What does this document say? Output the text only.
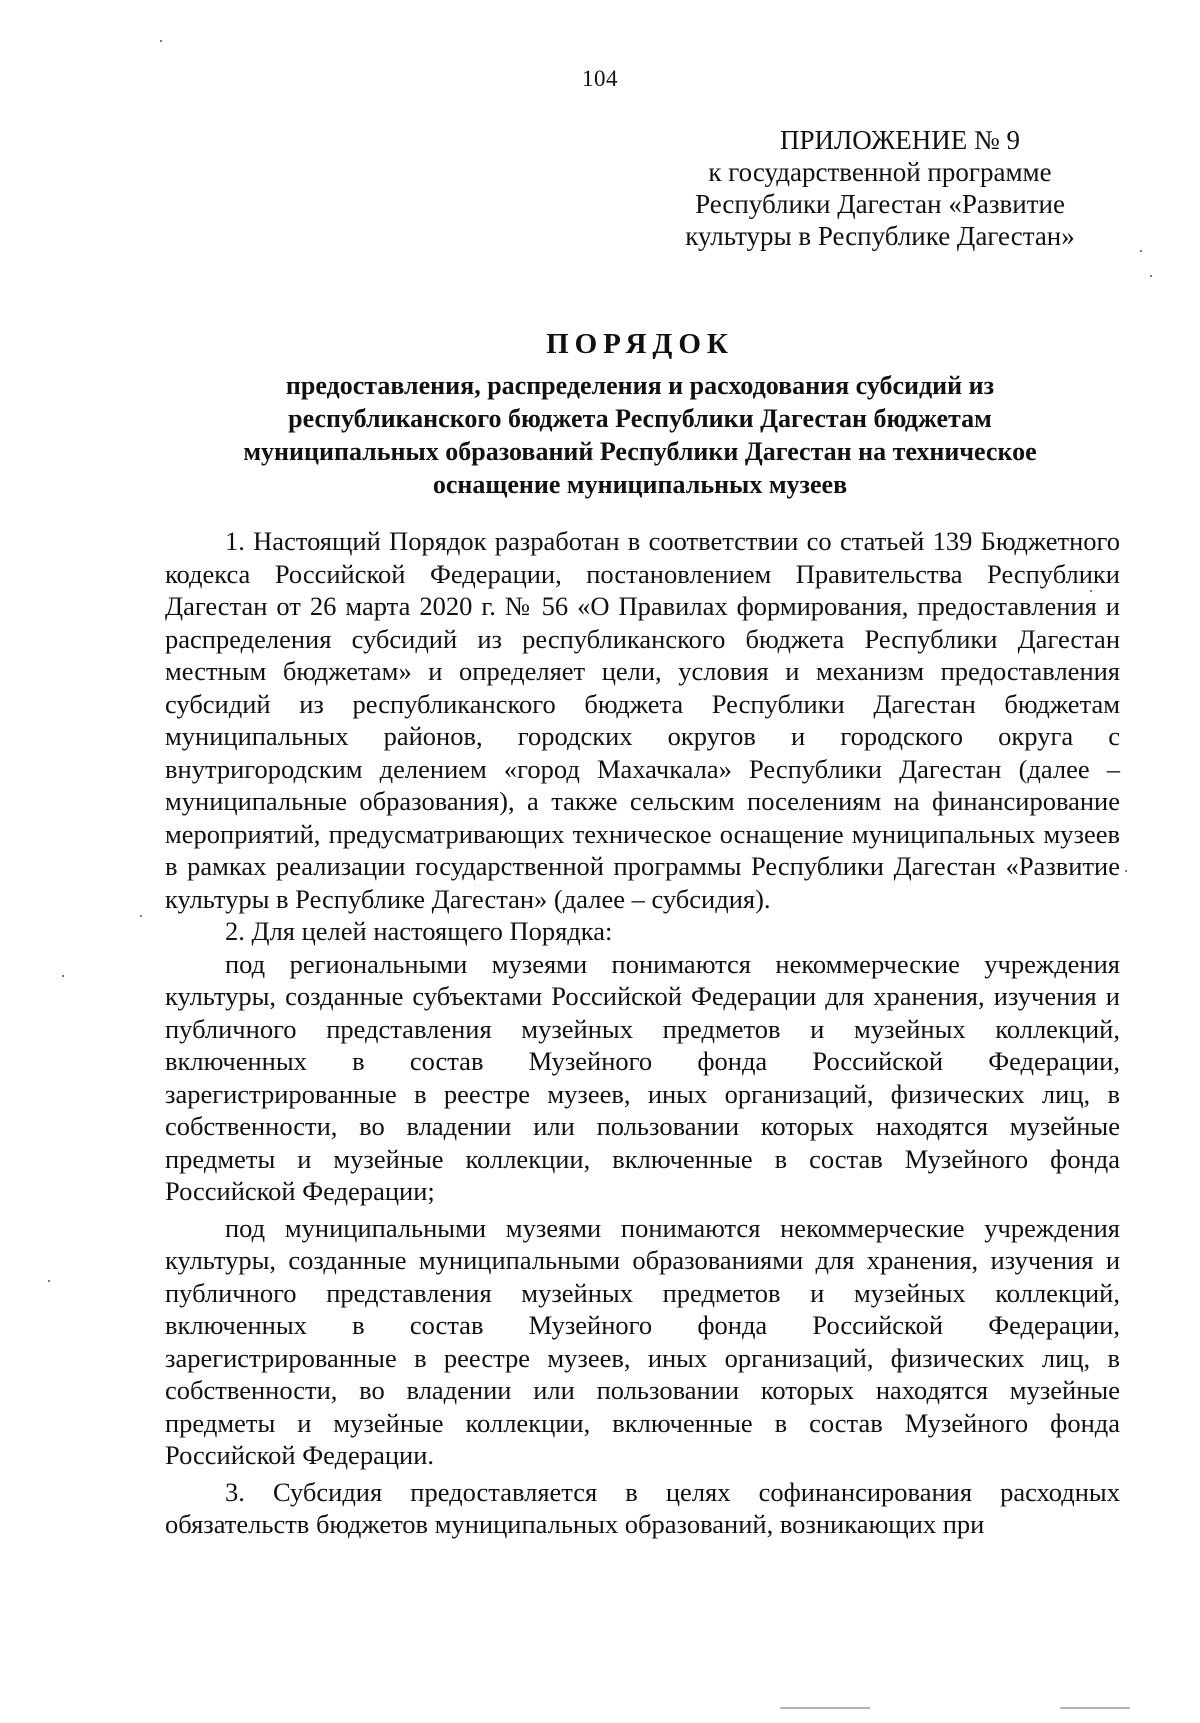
104
ПРИЛОЖЕНИЕ № 9
к государственной программе
Республики Дагестан «Развитие
культуры в Республике Дагестан»
ПОРЯДОК
предоставления, распределения и расходования субсидий из
республиканского бюджета Республики Дагестан бюджетам
муниципальных образований Республики Дагестан на техническое
оснащение муниципальных музеев

1. Настоящий Порядок разработан в соответствии со статьей 139 Бюджетного кодекса Российской Федерации, постановлением Правительства Республики Дагестан от 26 марта 2020 г. № 56 «О Правилах формирования, предоставления и распределения субсидий из республиканского бюджета Республики Дагестан местным бюджетам» и определяет цели, условия и механизм предоставления субсидий из республиканского бюджета Республики Дагестан бюджетам муниципальных районов, городских округов и городского округа с внутригородским делением «город Махачкала» Республики Дагестан (далее – муниципальные образования), а также сельским поселениям на финансирование мероприятий, предусматривающих техническое оснащение муниципальных музеев в рамках реализации государственной программы Республики Дагестан «Развитие культуры в Республике Дагестан» (далее – субсидия).

2. Для целей настоящего Порядка:

под региональными музеями понимаются некоммерческие учреждения культуры, созданные субъектами Российской Федерации для хранения, изучения и публичного представления музейных предметов и музейных коллекций, включенных в состав Музейного фонда Российской Федерации, зарегистрированные в реестре музеев, иных организаций, физических лиц, в собственности, во владении или пользовании которых находятся музейные предметы и музейные коллекции, включенные в состав Музейного фонда Российской Федерации;

под муниципальными музеями понимаются некоммерческие учреждения культуры, созданные муниципальными образованиями для хранения, изучения и публичного представления музейных предметов и музейных коллекций, включенных в состав Музейного фонда Российской Федерации, зарегистрированные в реестре музеев, иных организаций, физических лиц, в собственности, во владении или пользовании которых находятся музейные предметы и музейные коллекции, включенные в состав Музейного фонда Российской Федерации.

3. Субсидия предоставляется в целях софинансирования расходных обязательств бюджетов муниципальных образований, возникающих при
